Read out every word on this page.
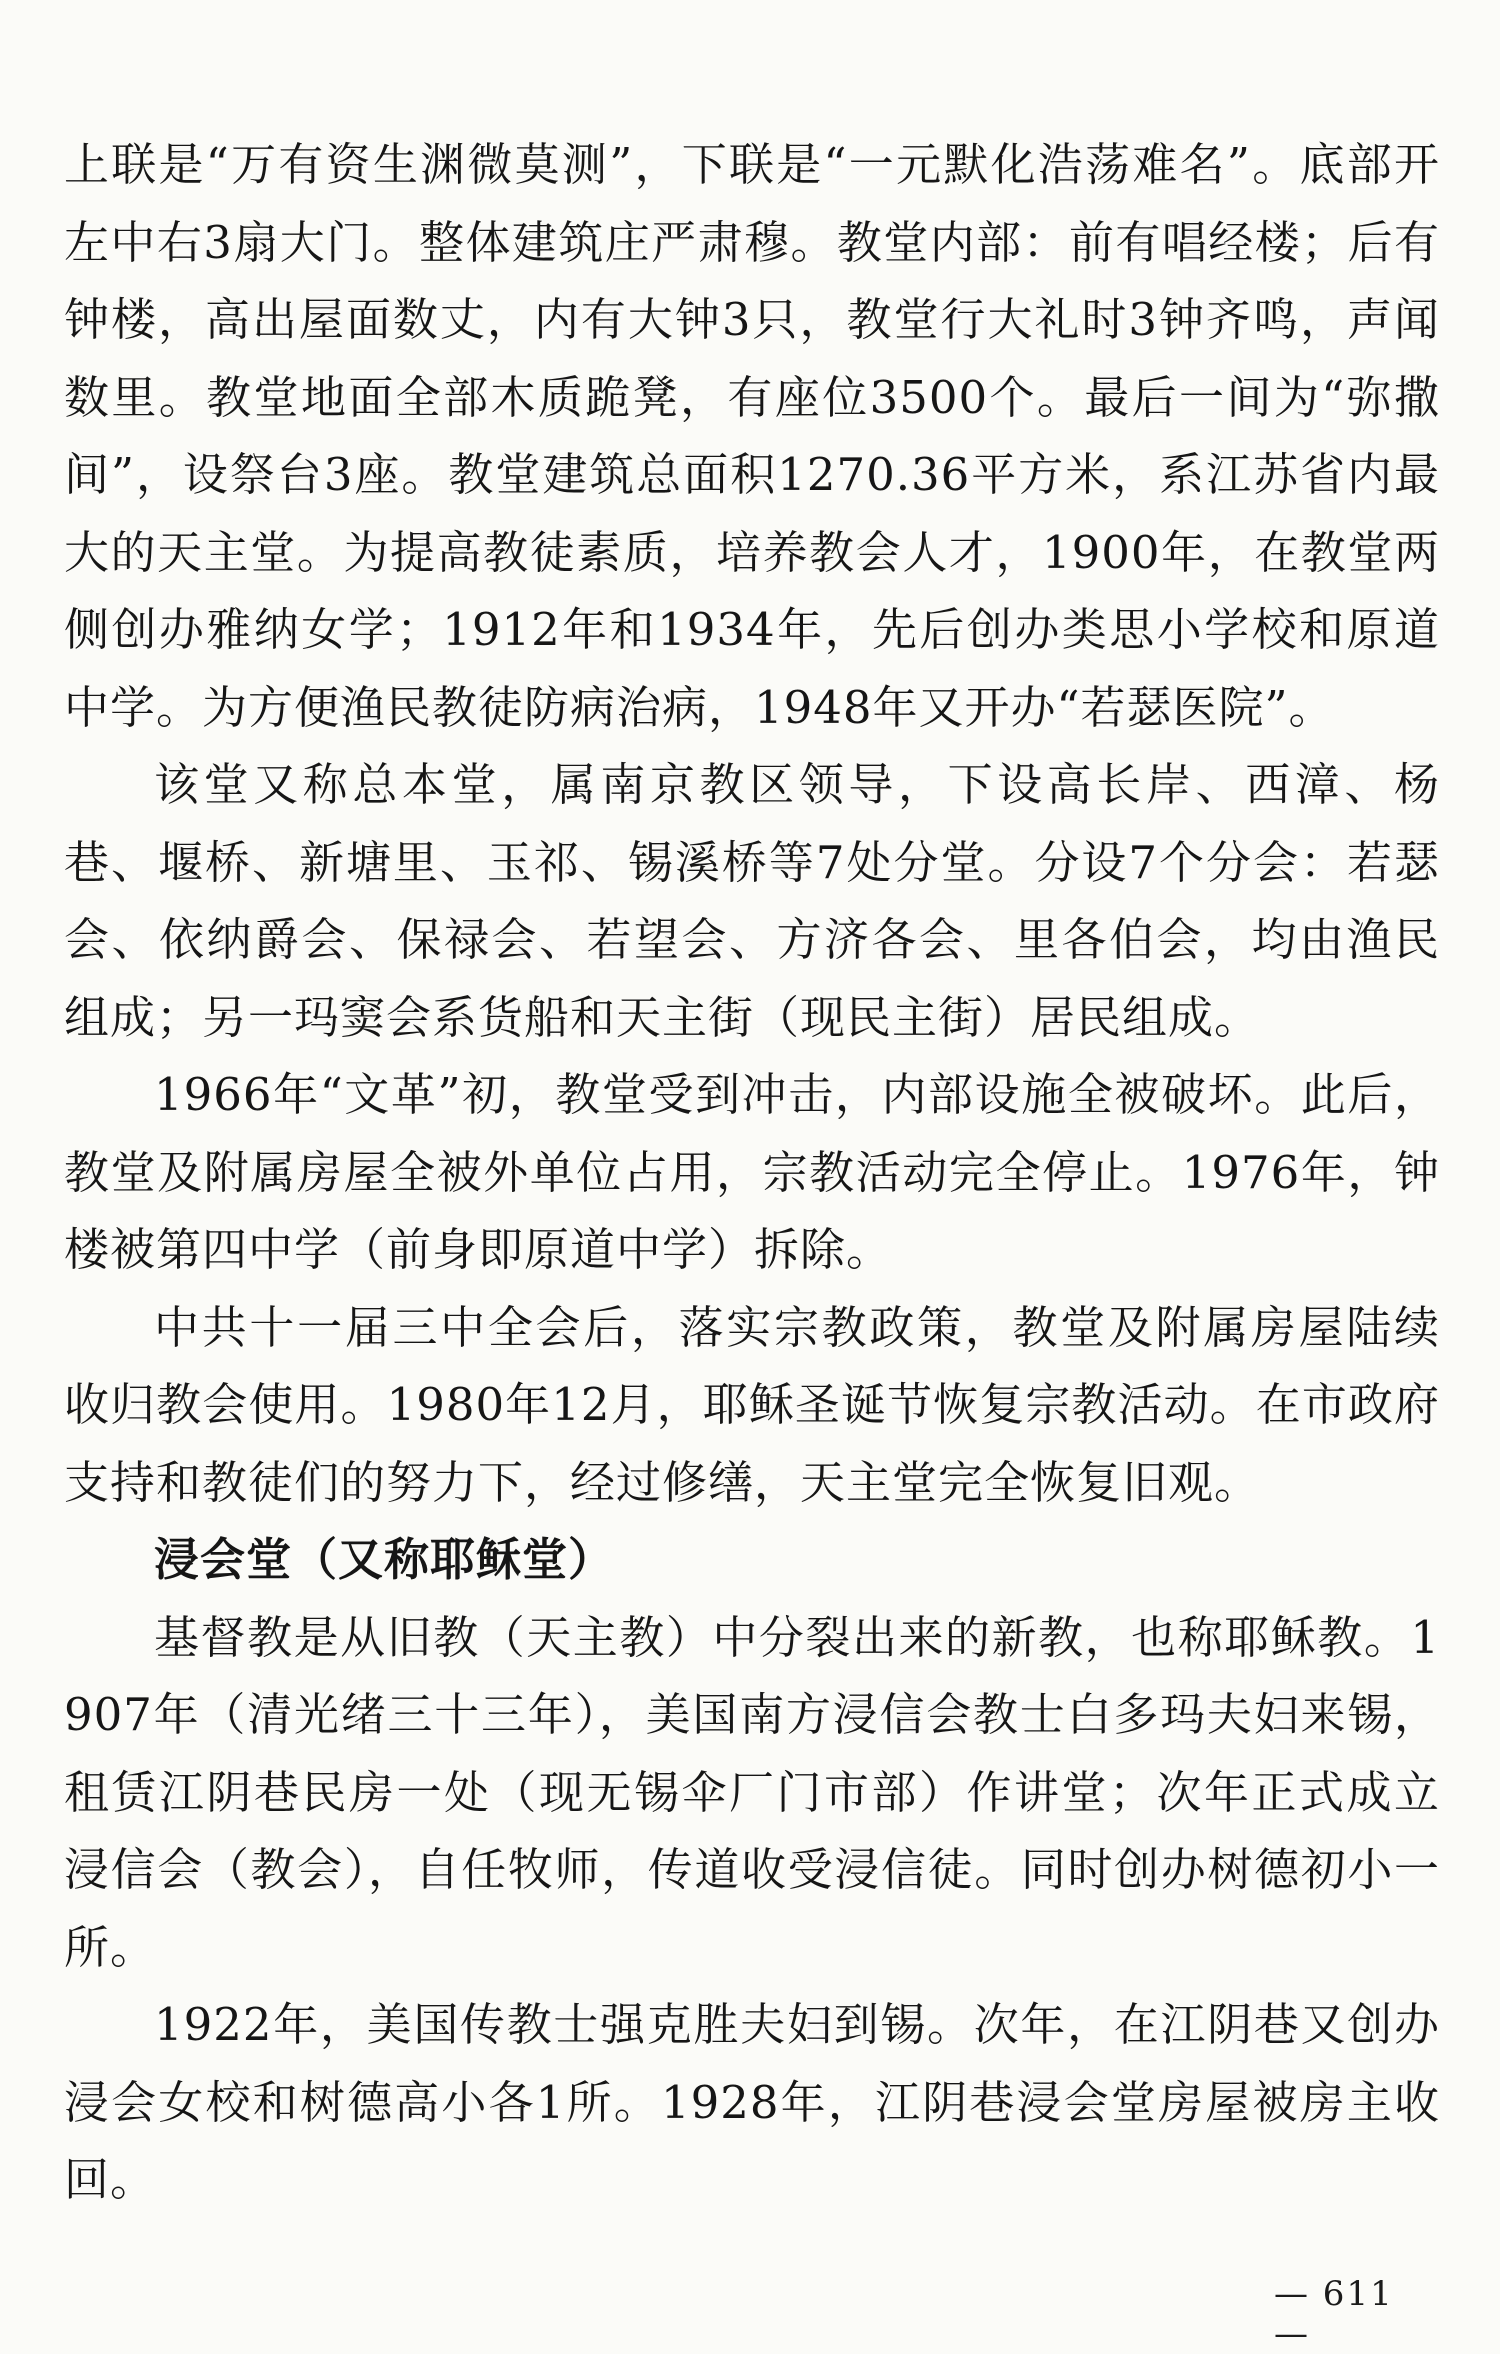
上联是“万有资生渊微莫测”，下联是“一元默化浩荡难名”。底部开左中右3扇大门。整体建筑庄严肃穆。教堂内部：前有唱经楼；后有钟楼，高出屋面数丈，内有大钟3只，教堂行大礼时3钟齐鸣，声闻数里。教堂地面全部木质跪凳，有座位3500个。最后一间为“弥撒间”，设祭台3座。教堂建筑总面积1270.36平方米，系江苏省内最大的天主堂。为提高教徒素质，培养教会人才，1900年，在教堂两侧创办雅纳女学；1912年和1934年，先后创办类思小学校和原道中学。为方便渔民教徒防病治病，1948年又开办“若瑟医院”。

该堂又称总本堂，属南京教区领导，下设高长岸、西漳、杨巷、堰桥、新塘里、玉祁、锡溪桥等7处分堂。分设7个分会：若瑟会、依纳爵会、保禄会、若望会、方济各会、里各伯会，均由渔民组成；另一玛窦会系货船和天主街（现民主街）居民组成。

1966年“文革”初，教堂受到冲击，内部设施全被破坏。此后，教堂及附属房屋全被外单位占用，宗教活动完全停止。1976年，钟楼被第四中学（前身即原道中学）拆除。

中共十一届三中全会后，落实宗教政策，教堂及附属房屋陆续收归教会使用。1980年12月，耶稣圣诞节恢复宗教活动。在市政府支持和教徒们的努力下，经过修缮，天主堂完全恢复旧观。

浸会堂（又称耶稣堂）

基督教是从旧教（天主教）中分裂出来的新教，也称耶稣教。1907年（清光绪三十三年），美国南方浸信会教士白多玛夫妇来锡，租赁江阴巷民房一处（现无锡伞厂门市部）作讲堂；次年正式成立浸信会（教会），自任牧师，传道收受浸信徒。同时创办树德初小一所。

1922年，美国传教士强克胜夫妇到锡。次年，在江阴巷又创办浸会女校和树德高小各1所。1928年，江阴巷浸会堂房屋被房主收回。

— 611 —
